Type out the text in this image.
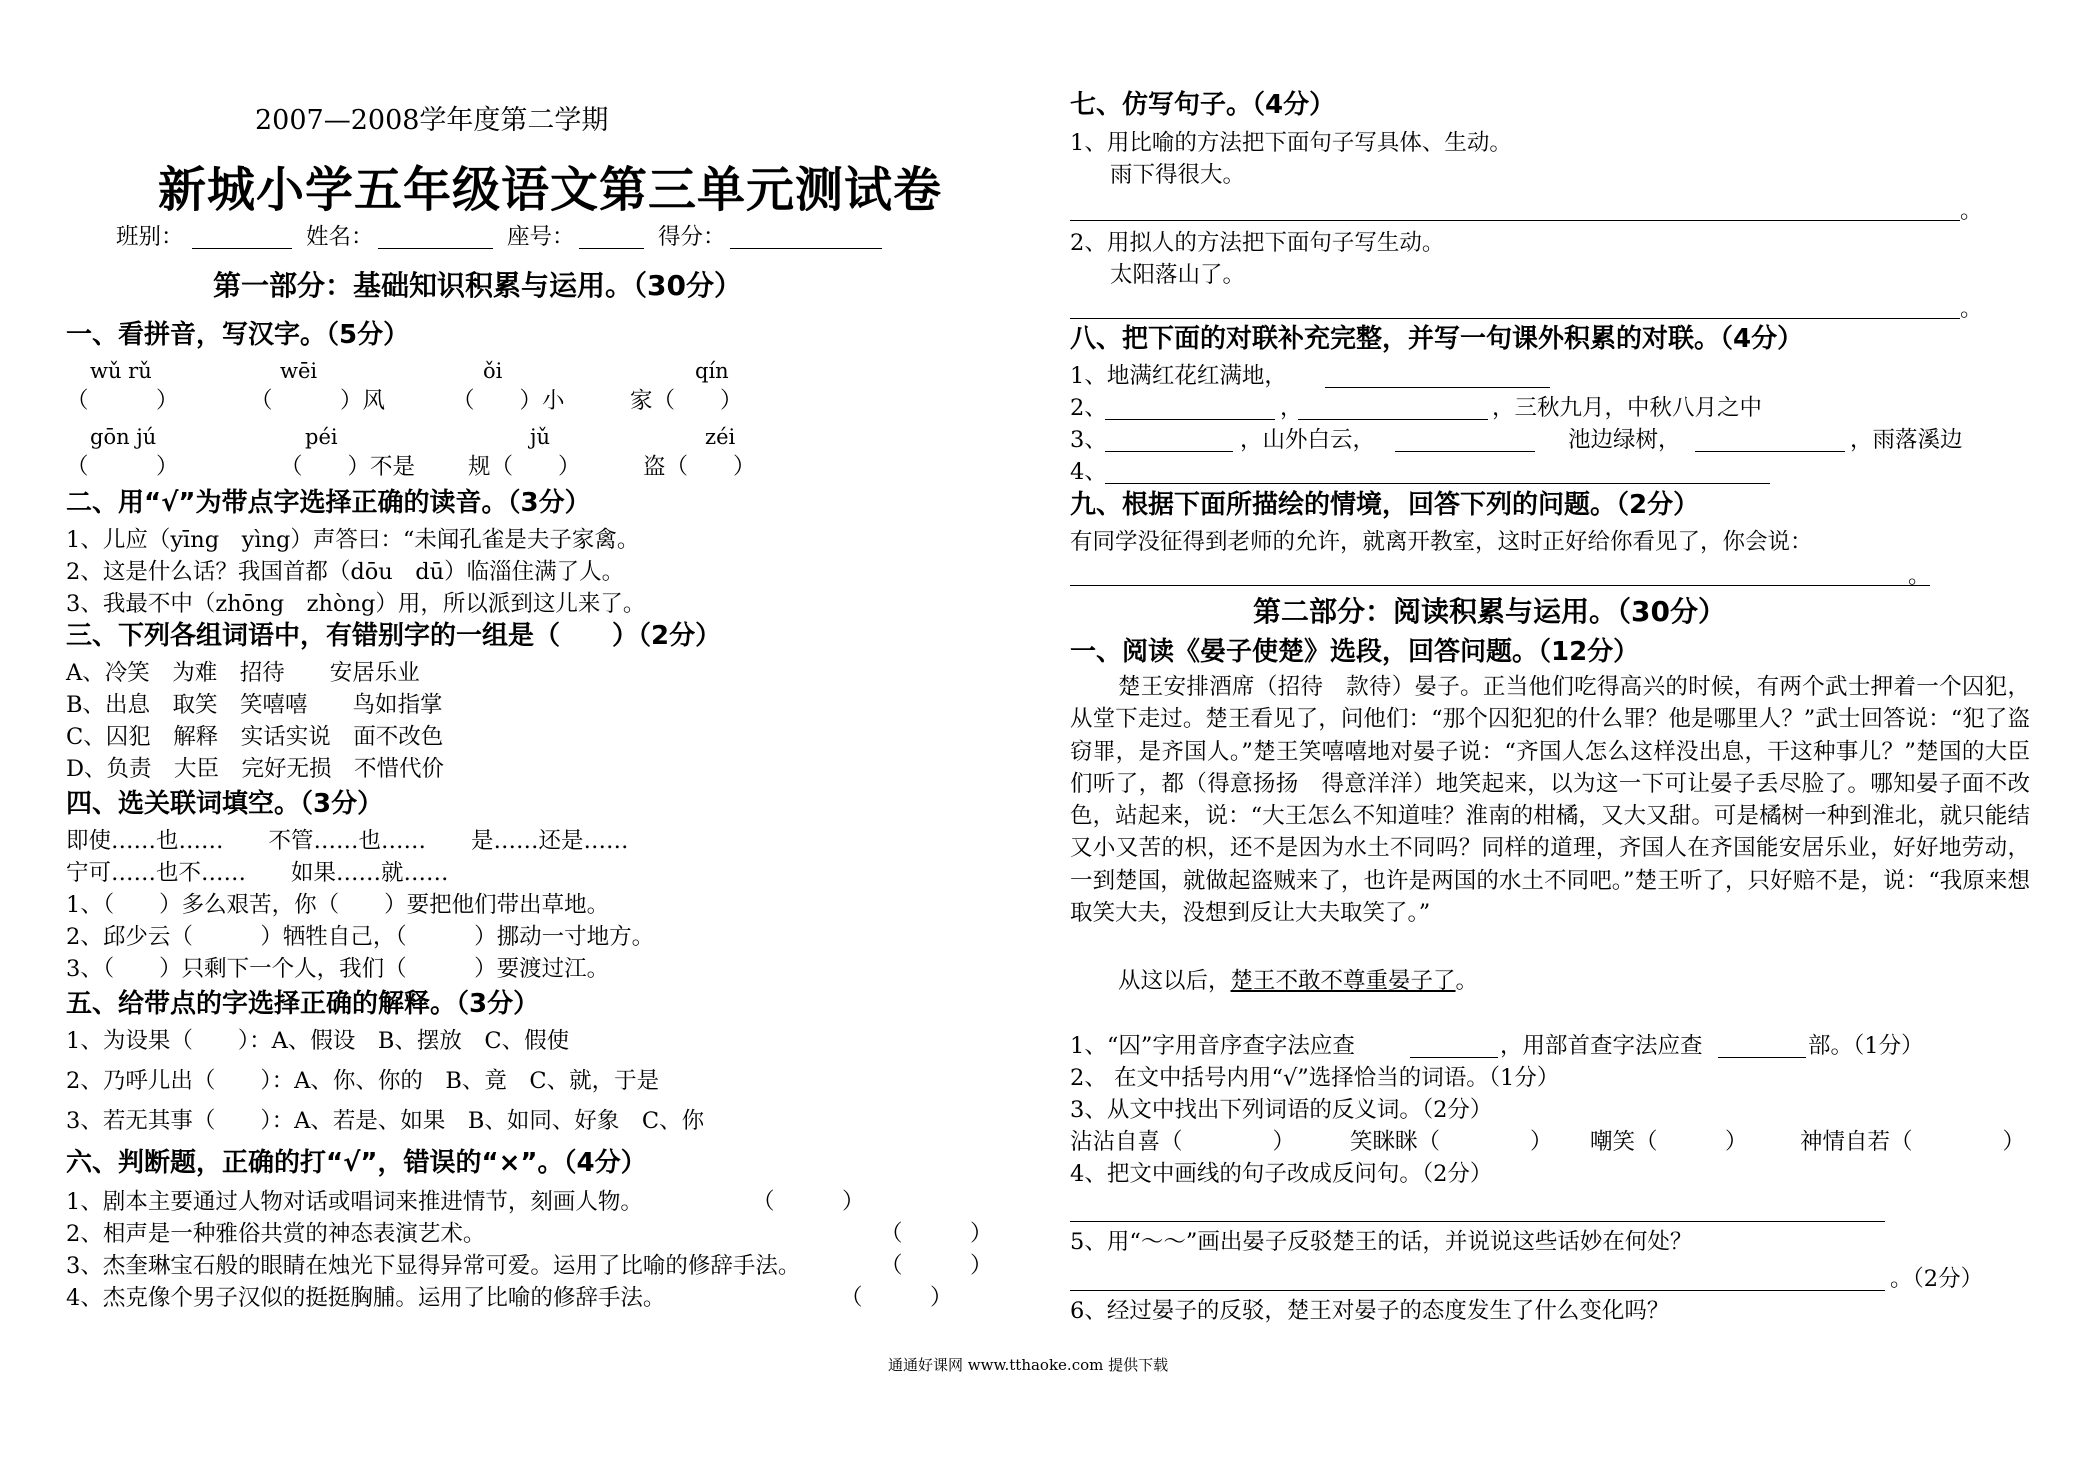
2007—2008学年度第二学期
新城小学五年级语文第三单元测试卷
班别：	姓名：	座号：	得分：
第一部分：基础知识积累与运用。（30分）
一、看拼音，写汉字。（5分）
wǔ rǔ	wēi	ǒi	qín
（　　　）	（　　　）风	（　　）小	家（　　）
gōn jú	péi	jǔ	zéi
（　　　）	（　　）不是 规（　　）	盗（　　）
二、用“√”为带点字选择正确的读音。（3分）
1、儿应（yīng　yìng）声答曰：“未闻孔雀是夫子家禽。
2、这是什么话？我国首都（dōu　dū）临淄住满了人。
3、我最不中（zhōng　zhòng）用，所以派到这儿来了。
三、下列各组词语中，有错别字的一组是（　　）（2分）
A、冷笑　为难　招待　　安居乐业
B、出息　取笑　笑嘻嘻　　鸟如指掌
C、囚犯　解释　实话实说　面不改色
D、负责　大臣　完好无损　不惜代价
四、选关联词填空。（3分）
即使……也……　　不管……也……　　是……还是……
宁可……也不……　　如果……就……
1、（　　）多么艰苦，你（　　）要把他们带出草地。
2、邱少云（　　　）牺牲自己，（　　　）挪动一寸地方。
3、（　　）只剩下一个人，我们（　　　）要渡过江。
五、给带点的字选择正确的解释。（3分）
1、为设果（　　）：A、假设　B、摆放　C、假使
2、乃呼儿出（　　）：A、你、你的　B、竟　C、就，于是
3、若无其事（　　）：A、若是、如果　B、如同、好象　C、你
六、判断题，正确的打“√”，错误的“×”。（4分）
1、剧本主要通过人物对话或唱词来推进情节，刻画人物。	（　　　）
2、相声是一种雅俗共赏的神态表演艺术。	（　　　）
3、杰奎琳宝石般的眼睛在烛光下显得异常可爱。运用了比喻的修辞手法。	（　　　）
4、杰克像个男子汉似的挺挺胸脯。运用了比喻的修辞手法。	（　　　）
七、仿写句子。（4分）
1、用比喻的方法把下面句子写具体、生动。
雨下得很大。
。
2、用拟人的方法把下面句子写生动。
太阳落山了。
。
八、把下面的对联补充完整，并写一句课外积累的对联。（4分）
1、地满红花红满地，
2、	，	，三秋九月，中秋八月之中
3、	，山外白云，	池边绿树，	，雨落溪边
4、
九、根据下面所描绘的情境，回答下列的问题。（2分）
有同学没征得到老师的允许，就离开教室，这时正好给你看见了，你会说：
。
第二部分：阅读积累与运用。（30分）
一、阅读《晏子使楚》选段，回答问题。（12分）
楚王安排酒席（招待　款待）晏子。正当他们吃得高兴的时候，有两个武士押着一个囚犯，从堂下走过。楚王看见了，问他们：“那个囚犯犯的什么罪？他是哪里人？”武士回答说：“犯了盗窃罪，是齐国人。”楚王笑嘻嘻地对晏子说：“齐国人怎么这样没出息，干这种事儿？”楚国的大臣们听了，都（得意扬扬　得意洋洋）地笑起来，以为这一下可让晏子丢尽脸了。哪知晏子面不改色，站起来，说：“大王怎么不知道哇？淮南的柑橘，又大又甜。可是橘树一种到淮北，就只能结又小又苦的枳，还不是因为水土不同吗？同样的道理，齐国人在齐国能安居乐业，好好地劳动，一到楚国，就做起盗贼来了，也许是两国的水土不同吧。”楚王听了，只好赔不是，说：“我原来想取笑大夫，没想到反让大夫取笑了。”
从这以后，楚王不敢不尊重晏子了。
1、“囚”字用音序查字法应查	，用部首查字法应查	部。（1分）
2、 在文中括号内用“√”选择恰当的词语。（1分）
3、从文中找出下列词语的反义词。（2分）
沾沾自喜（　　　　） 笑眯眯（　　　　） 嘲笑（　　　） 神情自若（　　　　）
4、把文中画线的句子改成反问句。（2分）
5、用“～～”画出晏子反驳楚王的话，并说说这些话妙在何处？
。（2分）
6、经过晏子的反驳，楚王对晏子的态度发生了什么变化吗？
通通好课网 www.tthaoke.com 提供下载
